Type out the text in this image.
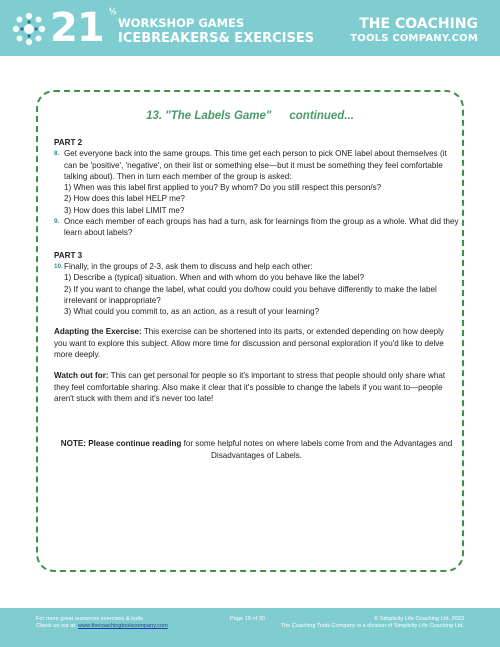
21 ½
WORKSHOP GAMES
ICEBREAKERS& EXERCISES
THE COACHING
TOOLS COMPANY.COM
13. "The Labels Game" continued...

PART 2

8. Get everyone back into the same groups. This time get each person to pick ONE label about themselves (it can be 'positive', 'negative', on their list or something else—but it must be something they feel comfortable talking about). Then in turn each member of the group is asked:

1) When was this label first applied to you? By whom? Do you still respect this person/s?

2) How does this label HELP me?

3) How does this label LIMIT me?

9. Once each member of each groups has had a turn, ask for learnings from the group as a whole. What did they learn about labels?

PART 3

10. Finally, in the groups of 2-3, ask them to discuss and help each other:

1) Describe a (typical) situation. When and with whom do you behave like the label?

2) If you want to change the label, what could you do/how could you behave differently to make the label irrelevant or inappropriate?

3) What could you commit to, as an action, as a result of your learning?

Adapting the Exercise: This exercise can be shortened into its parts, or extended depending on how deeply you want to explore this subject. Allow more time for discussion and personal exploration if you'd like to delve more deeply.

Watch out for: This can get personal for people so it's important to stress that people should only share what they feel comfortable sharing. Also make it clear that it's possible to change the labels if you want to—people aren't stuck with them and it's never too late!

NOTE: Please continue reading for some helpful notes on where labels come from and the Advantages and Disadvantages of Labels.

For more great resources exercises & tools
Check us out at: www.thecoachingtoolscompany.com
Page 19 of 30	© Simplicity Life Coaching Ltd. 2023
The Coaching Tools Company is a division of Simplicity Life Coaching Ltd.
